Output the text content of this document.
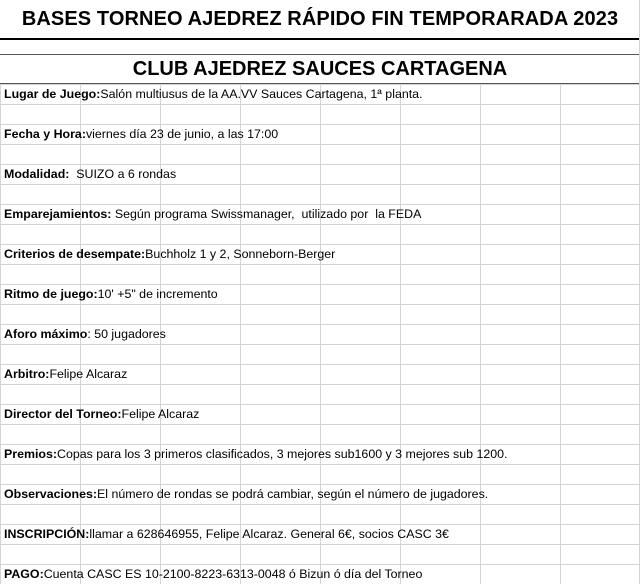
BASES TORNEO AJEDREZ RÁPIDO FIN TEMPORARADA 2023
CLUB AJEDREZ SAUCES CARTAGENA
Lugar de Juego: Salón multiusus de la AA.VV Sauces Cartagena, 1ª planta.
Fecha y Hora: viernes día 23 de junio, a las 17:00
Modalidad: SUIZO a 6 rondas
Emparejamientos: Según programa Swissmanager,  utilizado por  la FEDA
Criterios de desempate: Buchholz 1 y 2, Sonneborn-Berger
Ritmo de juego: 10' +5" de incremento
Aforo máximo : 50 jugadores
Arbitro: Felipe Alcaraz
Director del Torneo: Felipe Alcaraz
Premios: Copas para los 3 primeros clasificados, 3 mejores sub1600 y 3 mejores sub 1200.
Observaciones: El número de rondas se podrá cambiar, según el número de jugadores.
INSCRIPCIÓN: llamar a 628646955, Felipe Alcaraz. General 6€, socios CASC 3€
PAGO: Cuenta CASC ES 10-2100-8223-6313-0048 ó Bizun ó día del Torneo
